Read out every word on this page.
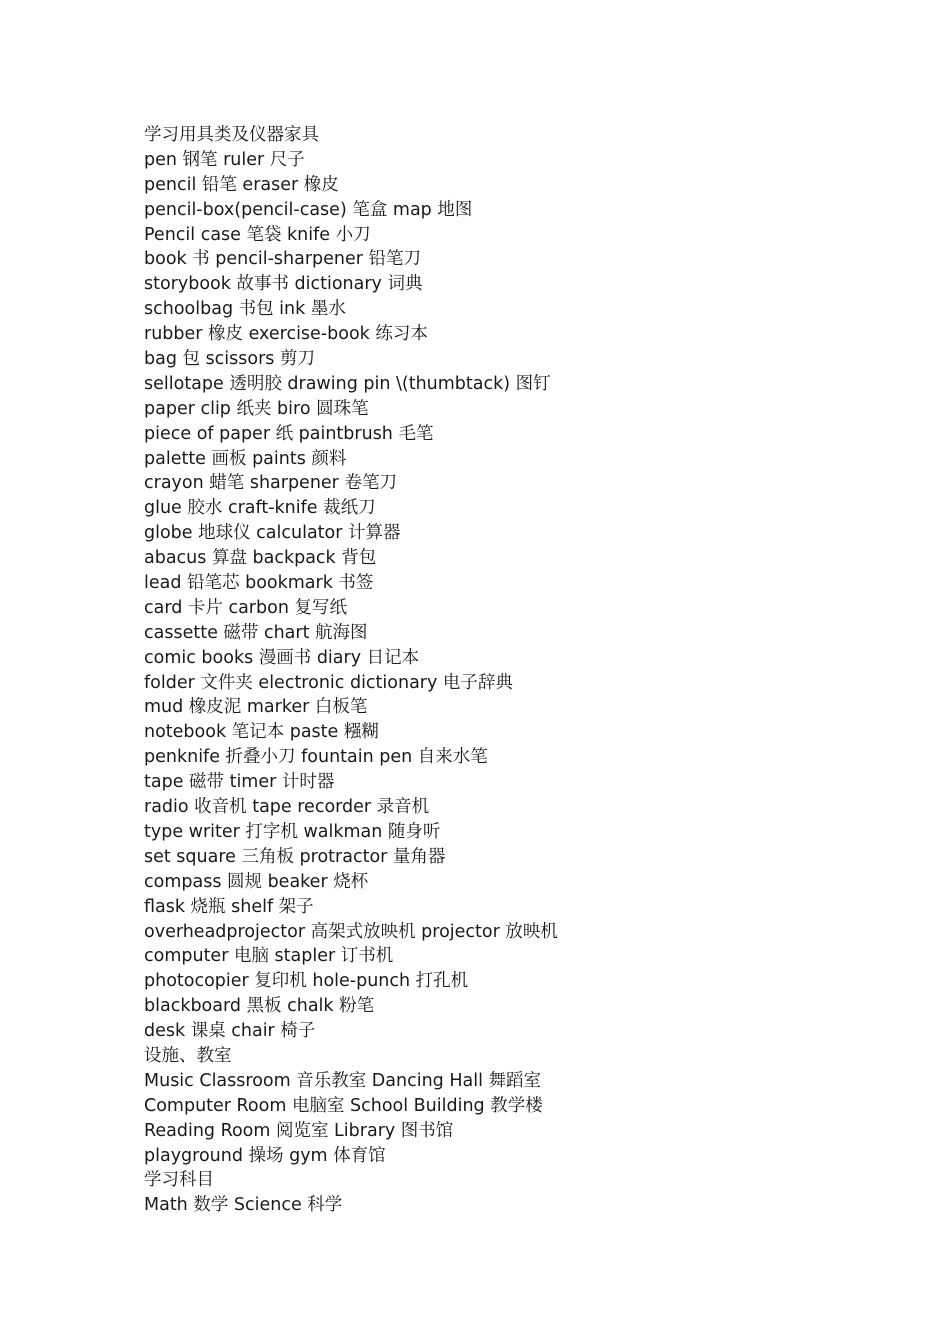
学习用具类及仪器家具
pen 钢笔 ruler 尺子
pencil 铅笔 eraser 橡皮
pencil-box(pencil-case) 笔盒 map 地图
Pencil case 笔袋 knife 小刀
book 书 pencil-sharpener 铅笔刀
storybook 故事书 dictionary 词典
schoolbag 书包 ink 墨水
rubber 橡皮 exercise-book 练习本
bag 包 scissors 剪刀
sellotape 透明胶 drawing pin \(thumbtack) 图钉
paper clip 纸夹 biro 圆珠笔
piece of paper 纸 paintbrush 毛笔
palette 画板 paints 颜料
crayon 蜡笔 sharpener 卷笔刀
glue 胶水 craft-knife 裁纸刀
globe 地球仪 calculator 计算器
abacus 算盘 backpack 背包
lead 铅笔芯 bookmark 书签
card 卡片 carbon 复写纸
cassette 磁带 chart 航海图
comic books 漫画书 diary 日记本
folder 文件夹 electronic dictionary 电子辞典
mud 橡皮泥 marker 白板笔
notebook 笔记本 paste 糨糊
penknife 折叠小刀 fountain pen 自来水笔
tape 磁带 timer 计时器
radio 收音机 tape recorder 录音机
type writer 打字机 walkman 随身听
set square 三角板 protractor 量角器
compass 圆规 beaker 烧杯
flask 烧瓶 shelf 架子
overheadprojector 高架式放映机 projector 放映机
computer 电脑 stapler 订书机
photocopier 复印机 hole-punch 打孔机
blackboard 黑板 chalk 粉笔
desk 课桌 chair 椅子
设施、教室
Music Classroom 音乐教室 Dancing Hall 舞蹈室
Computer Room 电脑室 School Building 教学楼
Reading Room 阅览室 Library 图书馆
playground 操场 gym 体育馆
学习科目
Math 数学 Science 科学
